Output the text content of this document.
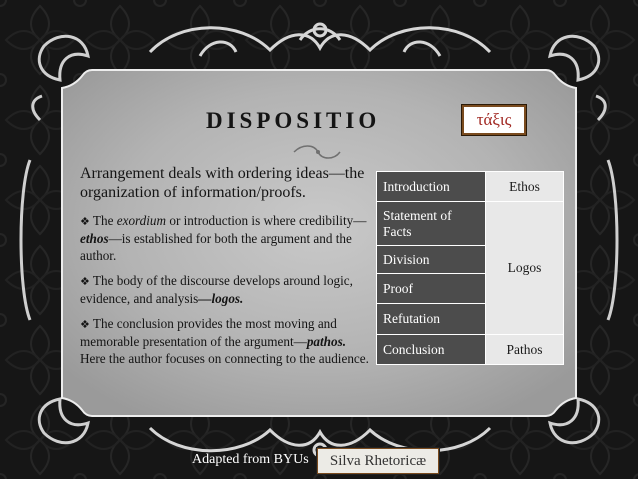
DISPOSITIO	τάξις

Arrangement deals with ordering ideas—the organization of information/proofs.

❖ The exordium or introduction is where credibility—ethos—is established for both the argument and the author.

❖ The body of the discourse develops around logic, evidence, and analysis—logos.

❖ The conclusion provides the most moving and memorable presentation of the argument—pathos. Here the author focuses on connecting to the audience.

Introduction	Ethos
Statement of Facts	Logos
Division	
Proof	
Refutation	
Conclusion	Pathos
Adapted from BYUs	Silva Rhetoricæ
